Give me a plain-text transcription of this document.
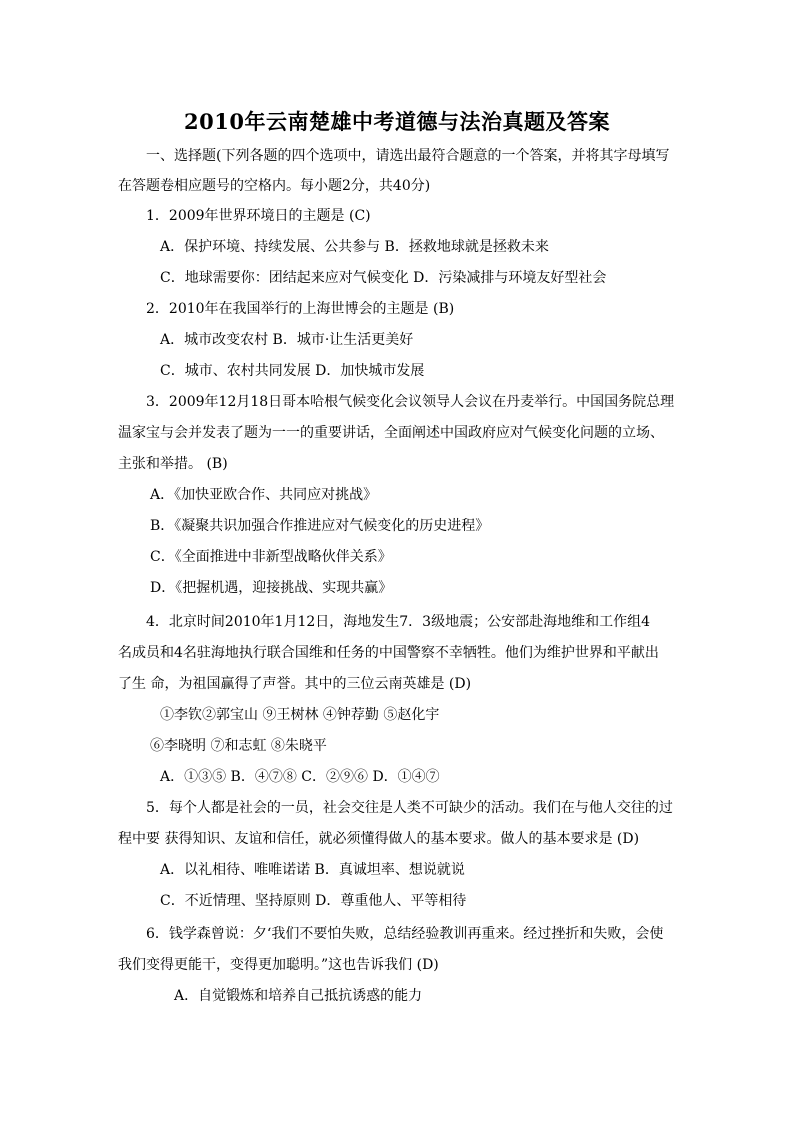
2010年云南楚雄中考道德与法治真题及答案
一、选择题(下列各题的四个选项中，请选出最符合题意的一个答案，并将其字母填写
在答题卷相应题号的空格内。每小题2分，共40分)
1．2009年世界环境日的主题是 (C)
A．保护环境、持续发展、公共参与 B．拯救地球就是拯救未来
C．地球需要你：团结起来应对气候变化 D．污染减排与环境友好型社会
2．2010年在我国举行的上海世博会的主题是 (B)
A．城市改变农村 B．城市·让生活更美好
C．城市、农村共同发展 D．加快城市发展
3．2009年12月18日哥本哈根气候变化会议领导人会议在丹麦举行。中国国务院总理
温家宝与会并发表了题为一一的重要讲话，全面阐述中国政府应对气候变化问题的立场、
主张和举措。 (B)
A．《加快亚欧合作、共同应对挑战》
B．《凝聚共识加强合作推进应对气候变化的历史进程》
C．《全面推进中非新型战略伙伴关系》
D．《把握机遇，迎接挑战、实现共赢》
4．北京时间2010年1月12日，海地发生7．3级地震；公安部赴海地维和工作组4
名成员和4名驻海地执行联合国维和任务的中国警察不幸牺牲。他们为维护世界和平献出
了生 命，为祖国赢得了声誉。其中的三位云南英雄是 (D)
①李钦②郭宝山 ⑨王树林 ④钟荐勤 ⑤赵化宇
⑥李晓明 ⑦和志虹 ⑧朱晓平
A．①③⑤ B．④⑦⑧ C．②⑨⑥ D．①④⑦
5．每个人都是社会的一员，社会交往是人类不可缺少的活动。我们在与他人交往的过
程中要 获得知识、友谊和信任，就必须懂得做人的基本要求。做人的基本要求是 (D)
A．以礼相待、唯唯诺诺 B．真诚坦率、想说就说
C．不近情理、坚持原则 D．尊重他人、平等相待
6．钱学森曾说：夕‘我们不要怕失败，总结经验教训再重来。经过挫折和失败，会使
我们变得更能干，变得更加聪明。”这也告诉我们 (D)
A．自觉锻炼和培养自己抵抗诱惑的能力
